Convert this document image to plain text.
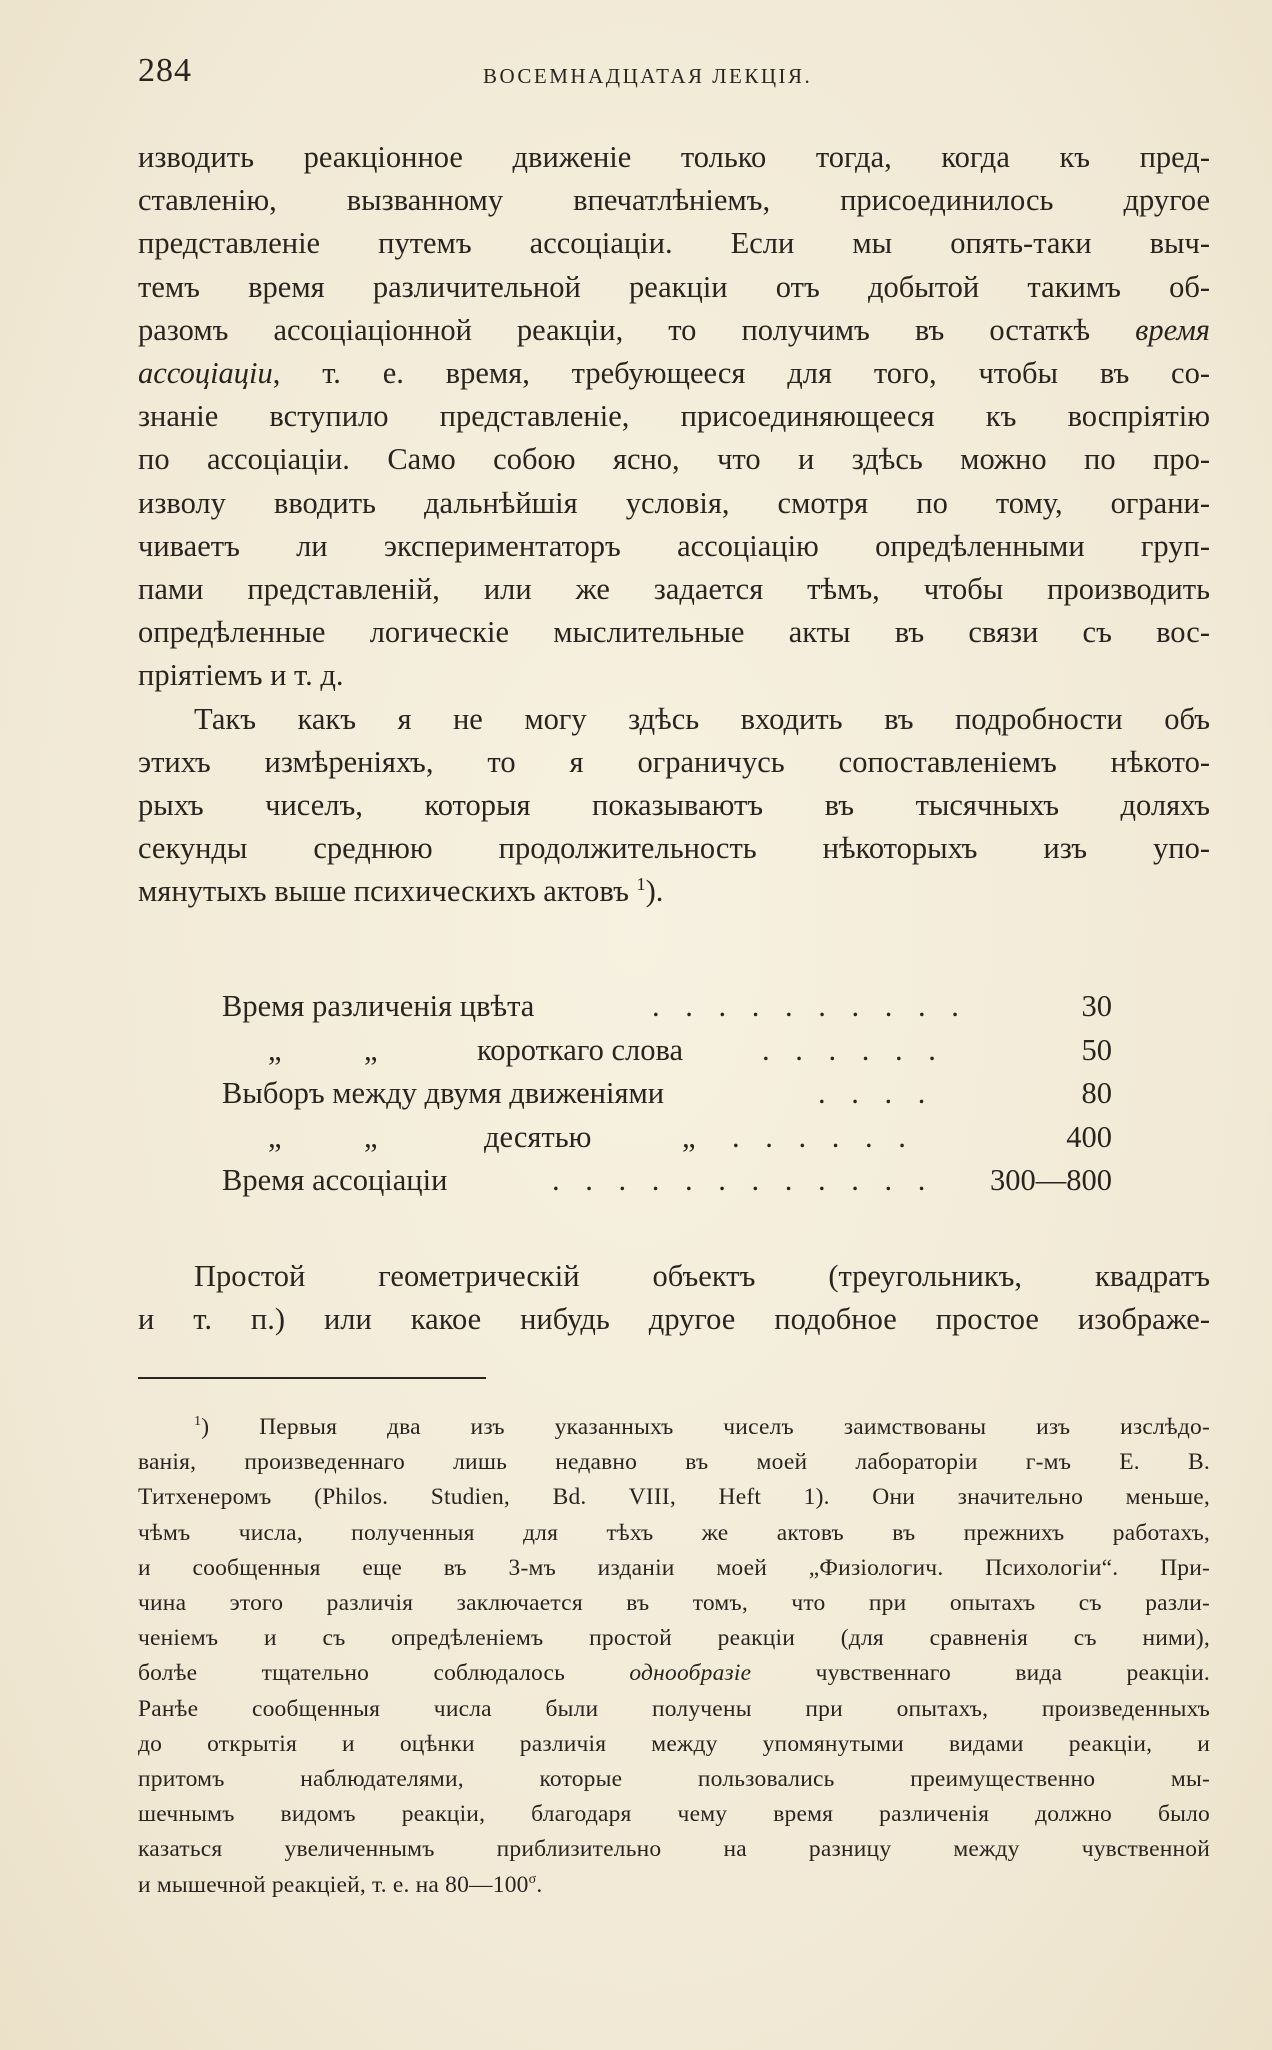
284	ВОСЕМНАДЦАТАЯ ЛЕКЦІЯ.
изводить реакціонное движеніе только тогда, когда къ пред-
ставленію, вызванному впечатлѣніемъ, присоединилось другое
представленіе путемъ ассоціаціи. Если мы опять-таки выч-
темъ время различительной реакціи отъ добытой такимъ об-
разомъ ассоціаціонной реакціи, то получимъ въ остаткѣ время
ассоціаціи, т. е. время, требующееся для того, чтобы въ со-
знаніе вступило представленіе, присоединяющееся къ воспріятію
по ассоціаціи. Само собою ясно, что и здѣсь можно по про-
изволу вводить дальнѣйшія условія, смотря по тому, ограни-
чиваетъ ли экспериментаторъ ассоціацію опредѣленными груп-
пами представленій, или же задается тѣмъ, чтобы производить
опредѣленные логическіе мыслительные акты въ связи съ вос-
пріятіемъ и т. д.
Такъ какъ я не могу здѣсь входить въ подробности объ
этихъ измѣреніяхъ, то я ограничусь сопоставленіемъ нѣкото-
рыхъ чиселъ, которыя показываютъ въ тысячныхъ доляхъ
секунды среднюю продолжительность нѣкоторыхъ изъ упо-
мянутыхъ выше психическихъ актовъ $^1$).
Время различенія цвѣта	. . . . . . . . . .	30
„	„	короткаго слова	. . . . . .	50
Выборъ между двумя движеніями	. . . .	80
„	„	десятью	„ . . . . . .	400
Время ассоціаціи	. . . . . . . . . . . . 300—800
Простой геометрическій объектъ (треугольникъ, квадратъ
и т. п.) или какое нибудь другое подобное простое изображе-
$^1$) Первыя два изъ указанныхъ чиселъ заимствованы изъ изслѣдо-
ванія, произведеннаго лишь недавно въ моей лабораторіи г-мъ Е. В.
Титхенеромъ (Philos. Studien, Bd. VIII, Heft 1). Они значительно меньше,
чѣмъ числа, полученныя для тѣхъ же актовъ въ прежнихъ работахъ,
и сообщенныя еще въ 3-мъ изданіи моей „Физіологич. Психологіи“. При-
чина этого различія заключается въ томъ, что при опытахъ съ разли-
ченіемъ и съ опредѣленіемъ простой реакціи (для сравненія съ ними),
болѣе тщательно соблюдалось однообразіе чувственнаго вида реакціи.
Ранѣе сообщенныя числа были получены при опытахъ, произведенныхъ
до открытія и оцѣнки различія между упомянутыми видами реакціи, и
притомъ наблюдателями, которые пользовались преимущественно мы-
шечнымъ видомъ реакціи, благодаря чему время различенія должно было
казаться увеличеннымъ приблизительно на разницу между чувственной
и мышечной реакціей, т. е. на $80—100^\sigma$.
